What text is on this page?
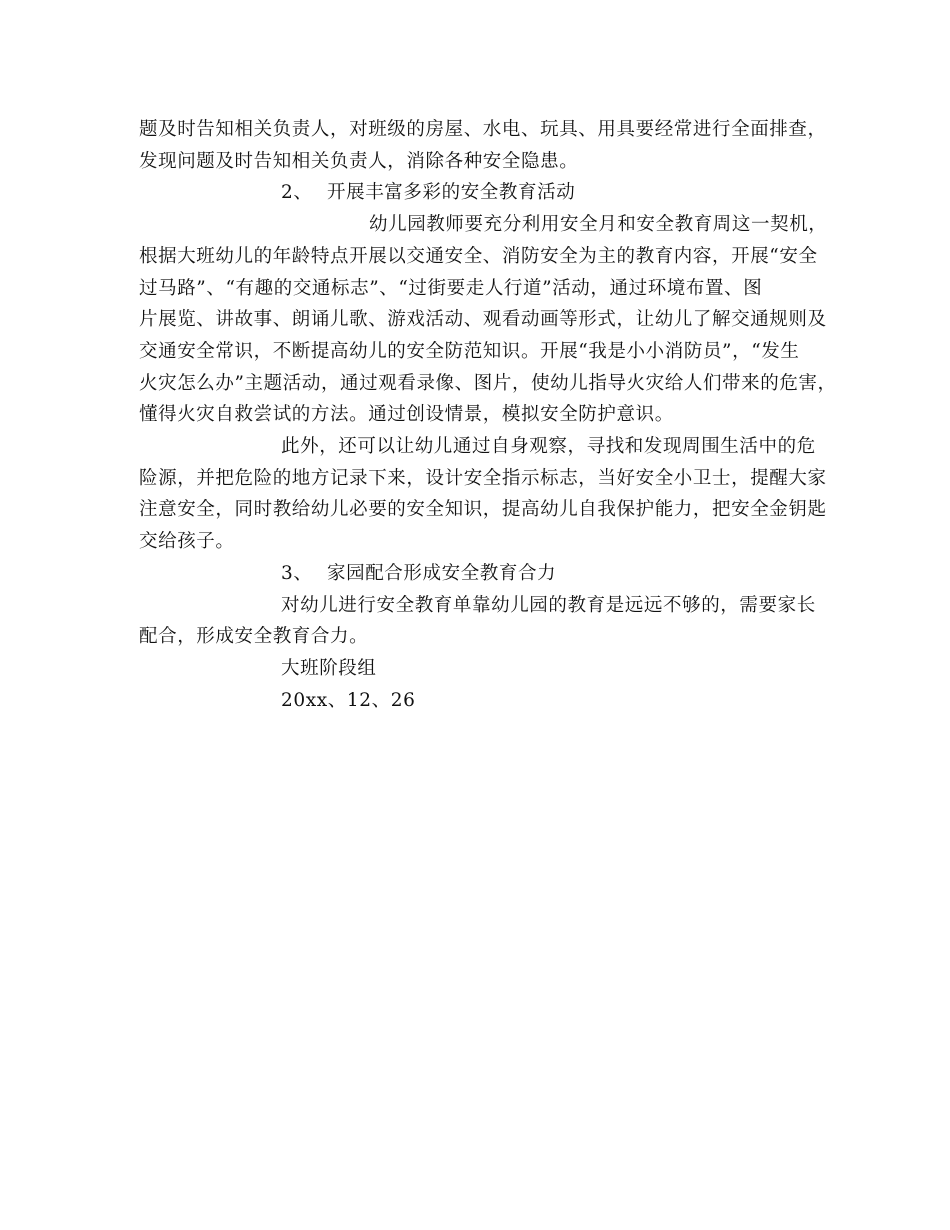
题及时告知相关负责人，对班级的房屋、水电、玩具、用具要经常进行全面排查，
发现问题及时告知相关负责人，消除各种安全隐患。
2、 开展丰富多彩的安全教育活动
幼儿园教师要充分利用安全月和安全教育周这一契机，
根据大班幼儿的年龄特点开展以交通安全、消防安全为主的教育内容，开展“安全
过马路”、“有趣的交通标志”、“过街要走人行道”活动，通过环境布置、图
片展览、讲故事、朗诵儿歌、游戏活动、观看动画等形式，让幼儿了解交通规则及
交通安全常识，不断提高幼儿的安全防范知识。开展“我是小小消防员”，“发生
火灾怎么办”主题活动，通过观看录像、图片，使幼儿指导火灾给人们带来的危害，
懂得火灾自救尝试的方法。通过创设情景，模拟安全防护意识。
此外，还可以让幼儿通过自身观察，寻找和发现周围生活中的危
险源，并把危险的地方记录下来，设计安全指示标志，当好安全小卫士，提醒大家
注意安全，同时教给幼儿必要的安全知识，提高幼儿自我保护能力，把安全金钥匙
交给孩子。
3、 家园配合形成安全教育合力
对幼儿进行安全教育单靠幼儿园的教育是远远不够的，需要家长
配合，形成安全教育合力。
大班阶段组
20xx、12、26
